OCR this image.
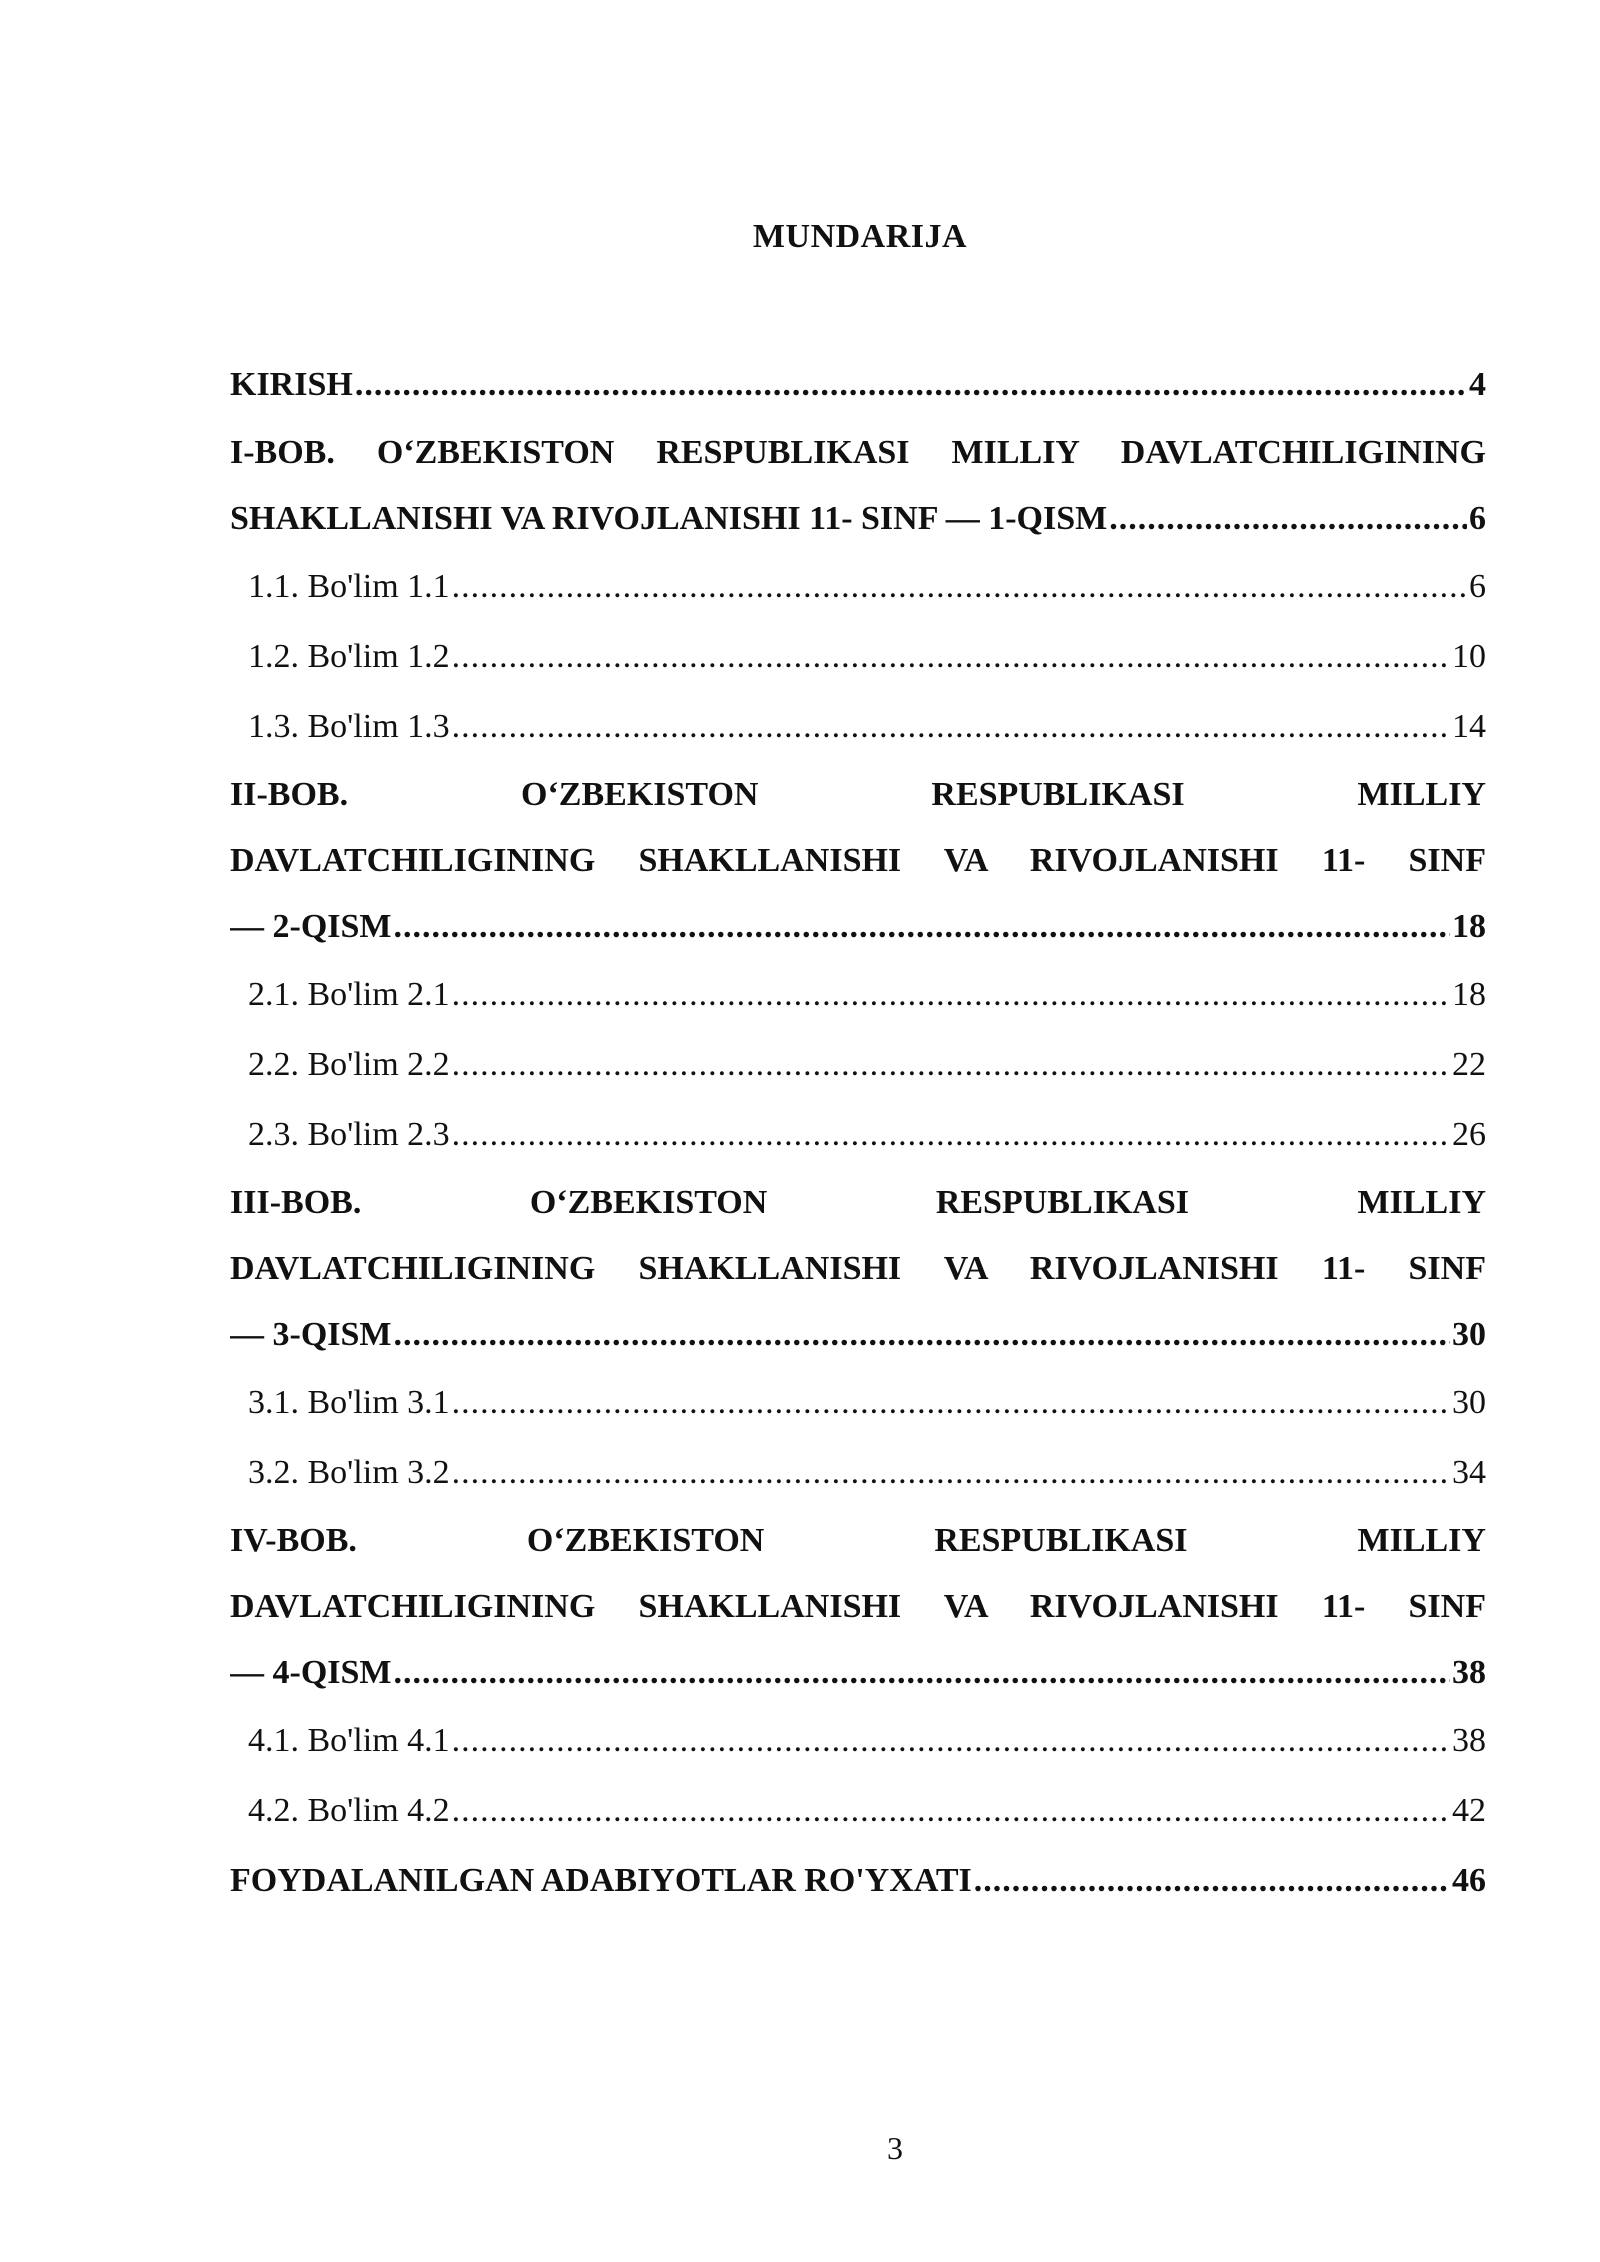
MUNDARIJA
KIRISH .....	4
I-BOB. O‘ZBEKISTON RESPUBLIKASI MILLIY DAVLATCHILIGINING
SHAKLLANISHI VA RIVOJLANISHI 11- SINF — 1-QISM .....	6
1.1. Bo'lim 1.1 .....	6
1.2. Bo'lim 1.2 .....	10
1.3. Bo'lim 1.3 .....	14
II-BOB.	O‘ZBEKISTON	RESPUBLIKASI	MILLIY
DAVLATCHILIGINING SHAKLLANISHI VA RIVOJLANISHI 11- SINF
— 2-QISM .....	18
2.1. Bo'lim 2.1 .....	18
2.2. Bo'lim 2.2 .....	22
2.3. Bo'lim 2.3 .....	26
III-BOB.	O‘ZBEKISTON	RESPUBLIKASI	MILLIY
DAVLATCHILIGINING SHAKLLANISHI VA RIVOJLANISHI 11- SINF
— 3-QISM .....	30
3.1. Bo'lim 3.1 .....	30
3.2. Bo'lim 3.2 .....	34
IV-BOB.	O‘ZBEKISTON	RESPUBLIKASI	MILLIY
DAVLATCHILIGINING SHAKLLANISHI VA RIVOJLANISHI 11- SINF
— 4-QISM .....	38
4.1. Bo'lim 4.1 .....	38
4.2. Bo'lim 4.2 .....	42
FOYDALANILGAN ADABIYOTLAR RO'YXATI .....	46
3
